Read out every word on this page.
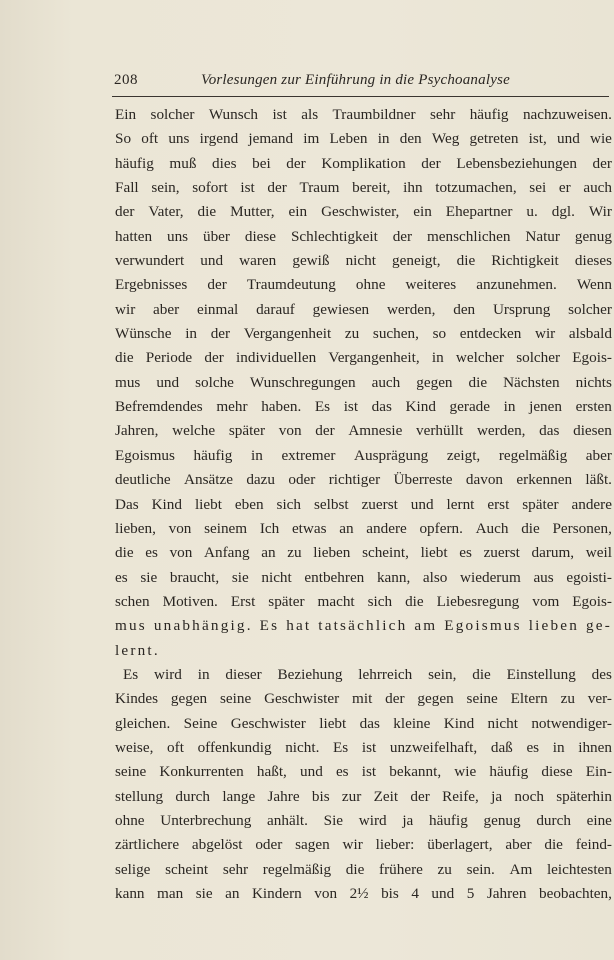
208	Vorlesungen zur Einführung in die Psychoanalyse
Ein solcher Wunsch ist als Traumbildner sehr häufig nachzuweisen.
So oft uns irgend jemand im Leben in den Weg getreten ist, und wie
häufig muß dies bei der Komplikation der Lebensbeziehungen der
Fall sein, sofort ist der Traum bereit, ihn totzumachen, sei er auch
der Vater, die Mutter, ein Geschwister, ein Ehepartner u. dgl. Wir
hatten uns über diese Schlechtigkeit der menschlichen Natur genug
verwundert und waren gewiß nicht geneigt, die Richtigkeit dieses
Ergebnisses der Traumdeutung ohne weiteres anzunehmen. Wenn
wir aber einmal darauf gewiesen werden, den Ursprung solcher
Wünsche in der Vergangenheit zu suchen, so entdecken wir alsbald
die Periode der individuellen Vergangenheit, in welcher solcher Egois-
mus und solche Wunschregungen auch gegen die Nächsten nichts
Befremdendes mehr haben. Es ist das Kind gerade in jenen ersten
Jahren, welche später von der Amnesie verhüllt werden, das diesen
Egoismus häufig in extremer Ausprägung zeigt, regelmäßig aber
deutliche Ansätze dazu oder richtiger Überreste davon erkennen läßt.
Das Kind liebt eben sich selbst zuerst und lernt erst später andere
lieben, von seinem Ich etwas an andere opfern. Auch die Personen,
die es von Anfang an zu lieben scheint, liebt es zuerst darum, weil
es sie braucht, sie nicht entbehren kann, also wiederum aus egoisti-
schen Motiven. Erst später macht sich die Liebesregung vom Egois-
mus unabhängig. Es hat tatsächlich am Egoismus lieben ge-
lernt.
Es wird in dieser Beziehung lehrreich sein, die Einstellung des
Kindes gegen seine Geschwister mit der gegen seine Eltern zu ver-
gleichen. Seine Geschwister liebt das kleine Kind nicht notwendiger-
weise, oft offenkundig nicht. Es ist unzweifelhaft, daß es in ihnen
seine Konkurrenten haßt, und es ist bekannt, wie häufig diese Ein-
stellung durch lange Jahre bis zur Zeit der Reife, ja noch späterhin
ohne Unterbrechung anhält. Sie wird ja häufig genug durch eine
zärtlichere abgelöst oder sagen wir lieber: überlagert, aber die feind-
selige scheint sehr regelmäßig die frühere zu sein. Am leichtesten
kann man sie an Kindern von 2½ bis 4 und 5 Jahren beobachten,
